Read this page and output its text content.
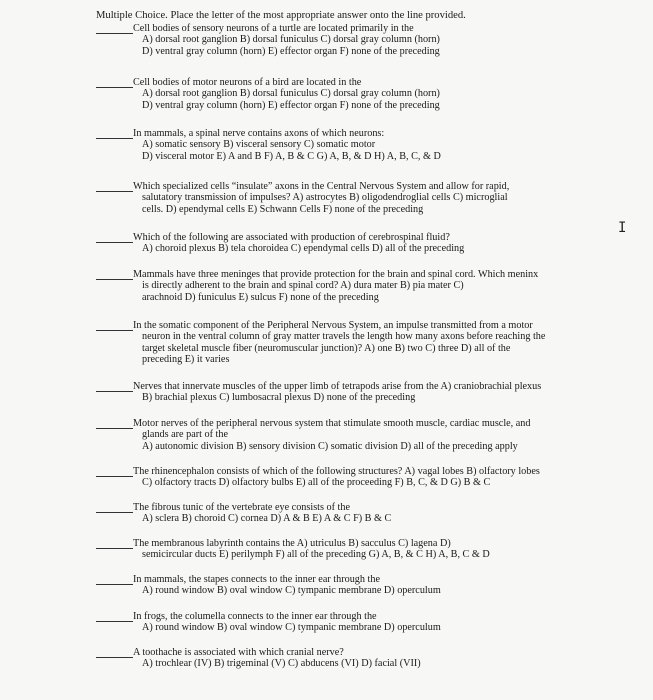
Multiple Choice. Place the letter of the most appropriate answer onto the line provided.
Cell bodies of sensory neurons of a turtle are located primarily in the
A) dorsal root ganglion B) dorsal funiculus C) dorsal gray column (horn)
D) ventral gray column (horn) E) effector organ F) none of the preceding
Cell bodies of motor neurons of a bird are located in the
A) dorsal root ganglion B) dorsal funiculus C) dorsal gray column (horn)
D) ventral gray column (horn) E) effector organ F) none of the preceding
In mammals, a spinal nerve contains axons of which neurons:
A) somatic sensory B) visceral sensory C) somatic motor
D) visceral motor E) A and B F) A, B & C G) A, B, & D H) A, B, C, & D
Which specialized cells “insulate” axons in the Central Nervous System and allow for rapid,
salutatory transmission of impulses? A) astrocytes B) oligodendroglial cells C) microglial
cells. D) ependymal cells E) Schwann Cells F) none of the preceding
Which of the following are associated with production of cerebrospinal fluid?
A) choroid plexus B) tela choroidea C) ependymal cells D) all of the preceding
Mammals have three meninges that provide protection for the brain and spinal cord. Which meninx
is directly adherent to the brain and spinal cord? A) dura mater B) pia mater C)
arachnoid D) funiculus E) sulcus F) none of the preceding
In the somatic component of the Peripheral Nervous System, an impulse transmitted from a motor
neuron in the ventral column of gray matter travels the length how many axons before reaching the
target skeletal muscle fiber (neuromuscular junction)? A) one B) two C) three D) all of the
preceding E) it varies
Nerves that innervate muscles of the upper limb of tetrapods arise from the A) craniobrachial plexus
B) brachial plexus C) lumbosacral plexus D) none of the preceding
Motor nerves of the peripheral nervous system that stimulate smooth muscle, cardiac muscle, and
glands are part of the
A) autonomic division B) sensory division C) somatic division D) all of the preceding apply
The rhinencephalon consists of which of the following structures? A) vagal lobes B) olfactory lobes
C) olfactory tracts D) olfactory bulbs E) all of the proceeding F) B, C, & D G) B & C
The fibrous tunic of the vertebrate eye consists of the
A) sclera B) choroid C) cornea D) A & B E) A & C F) B & C
The membranous labyrinth contains the A) utriculus B) sacculus C) lagena D)
semicircular ducts E) perilymph F) all of the preceding G) A, B, & C H) A, B, C & D
In mammals, the stapes connects to the inner ear through the
A) round window B) oval window C) tympanic membrane D) operculum
In frogs, the columella connects to the inner ear through the
A) round window B) oval window C) tympanic membrane D) operculum
A toothache is associated with which cranial nerve?
A) trochlear (IV) B) trigeminal (V) C) abducens (VI) D) facial (VII)
I
